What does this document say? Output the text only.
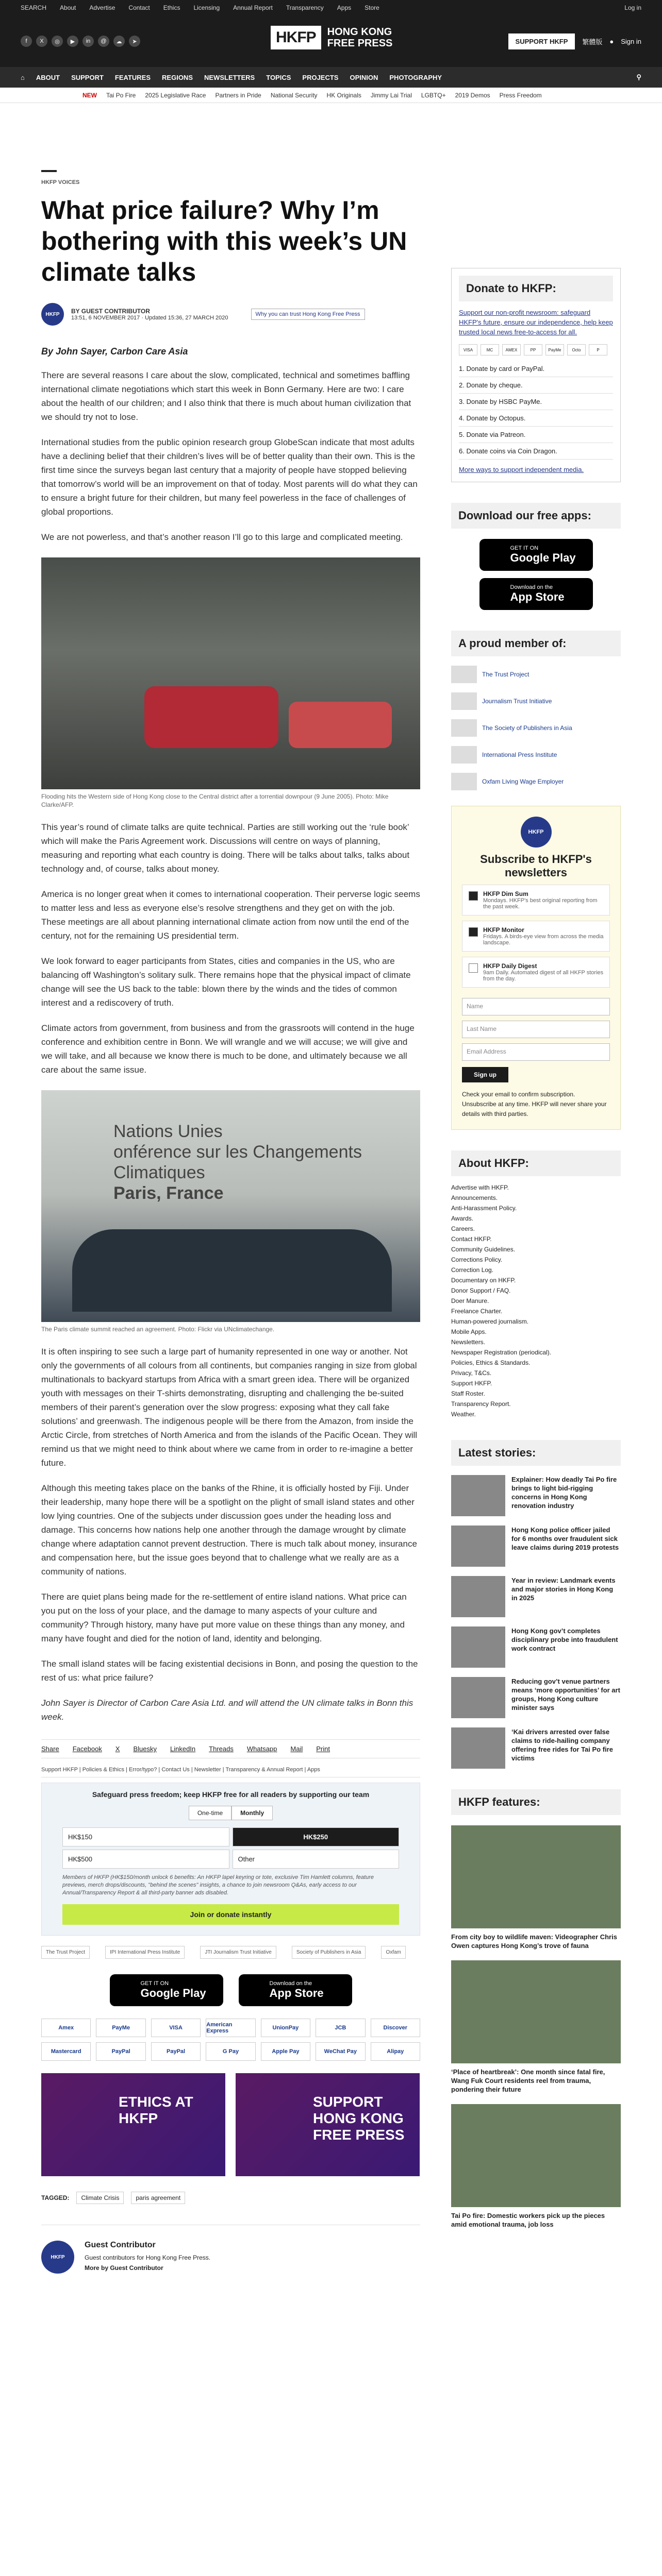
SEARCH About Advertise Contact Ethics Licensing Annual Report Transparency Apps Store	Log in
f	X	◎	▶	in	@	☁	➤	HKFP	HONG KONG
FREE PRESS	SUPPORT HKFP	繁體版 ● Sign in
⌂ ABOUT SUPPORT FEATURES REGIONS NEWSLETTERS TOPICS PROJECTS OPINION PHOTOGRAPHY	⚲
NEW Tai Po Fire 2025 Legislative Race Partners in Pride National Security HK Originals Jimmy Lai Trial LGBTQ+ 2019 Demos Press Freedom
HKFP VOICES
What price failure? Why I’m bothering with this week’s UN climate talks
HKFP	BY GUEST CONTRIBUTOR
13:51, 6 NOVEMBER 2017 · Updated 15:36, 27 MARCH 2020
Why you can trust Hong Kong Free Press
By John Sayer, Carbon Care Asia

There are several reasons I care about the slow, complicated, technical and sometimes baffling international climate negotiations which start this week in Bonn Germany. Here are two: I care about the health of our children; and I also think that there is much about human civilization that we should try not to lose.

International studies from the public opinion research group GlobeScan indicate that most adults have a declining belief that their children’s lives will be of better quality than their own. This is the first time since the surveys began last century that a majority of people have stopped believing that tomorrow’s world will be an improvement on that of today. Most parents will do what they can to ensure a bright future for their children, but many feel powerless in the face of challenges of global proportions.

We are not powerless, and that’s another reason I’ll go to this large and complicated meeting.

Flooding hits the Western side of Hong Kong close to the Central district after a torrential downpour (9 June 2005). Photo: Mike Clarke/AFP.

This year’s round of climate talks are quite technical. Parties are still working out the ‘rule book’ which will make the Paris Agreement work. Discussions will centre on ways of planning, measuring and reporting what each country is doing. There will be talks about talks, talks about technology and, of course, talks about money.

America is no longer great when it comes to international cooperation. Their perverse logic seems to matter less and less as everyone else’s resolve strengthens and they get on with the job. These meetings are all about planning international climate action from now until the end of the century, not for the remaining US presidential term.

We look forward to eager participants from States, cities and companies in the US, who are balancing off Washington’s solitary sulk. There remains hope that the physical impact of climate change will see the US back to the table: blown there by the winds and the tides of common interest and a rediscovery of truth.

Climate actors from government, from business and from the grassroots will contend in the huge conference and exhibition centre in Bonn. We will wrangle and we will accuse; we will give and we will take, and all because we know there is much to be done, and ultimately because we all care about the same issue.

Nations Unies
onférence sur les Changements Climatiques
Paris, France
The Paris climate summit reached an agreement. Photo: Flickr via UNclimatechange.

It is often inspiring to see such a large part of humanity represented in one way or another. Not only the governments of all colours from all continents, but companies ranging in size from global multinationals to backyard startups from Africa with a smart green idea. There will be organized youth with messages on their T-shirts demonstrating, disrupting and challenging the be-suited members of their parent’s generation over the slow progress: exposing what they call fake solutions’ and greenwash. The indigenous people will be there from the Amazon, from inside the Arctic Circle, from stretches of North America and from the islands of the Pacific Ocean. They will remind us that we might need to think about where we came from in order to re-imagine a better future.

Although this meeting takes place on the banks of the Rhine, it is officially hosted by Fiji. Under their leadership, many hope there will be a spotlight on the plight of small island states and other low lying countries. One of the subjects under discussion goes under the heading loss and damage. This concerns how nations help one another through the damage wrought by climate change where adaptation cannot prevent destruction. There is much talk about money, insurance and compensation here, but the issue goes beyond that to challenge what we really are as a community of nations.

There are quiet plans being made for the re-settlement of entire island nations. What price can you put on the loss of your place, and the damage to many aspects of your culture and community? Through history, many have put more value on these things than any money, and many have fought and died for the notion of land, identity and belonging.

The small island states will be facing existential decisions in Bonn, and posing the question to the rest of us: what price failure?

John Sayer is Director of Carbon Care Asia Ltd. and will attend the UN climate talks in Bonn this week.

Share Facebook X Bluesky LinkedIn Threads Whatsapp Mail Print
Support HKFP | Policies & Ethics | Error/typo? | Contact Us | Newsletter | Transparency & Annual Report | Apps
Safeguard press freedom; keep HKFP free for all readers by supporting our team
One-time	Monthly
HK$150	HK$250
HK$500	Other
Members of HKFP (HK$150/month unlock 6 benefits: An HKFP lapel keyring or tote, exclusive Tim Hamlett columns, feature previews, merch drops/discounts, "behind the scenes" insights, a chance to join newsroom Q&As, early access to our Annual/Transparency Report & all third-party banner ads disabled.
Join or donate instantly
The Trust Project	IPI International Press Institute	JTI Journalism Trust Initiative	Society of Publishers in Asia	Oxfam
GET IT ON
Google Play
Download on the
App Store
Amex	PayMe	VISA	American Express	UnionPay	JCB	Discover
Mastercard	PayPal	PayPal	G Pay	Apple Pay	WeChat Pay	Alipay
ETHICS AT HKFP
SUPPORT HONG KONG FREE PRESS
TAGGED:	Climate Crisis	paris agreement
HKFP
Guest Contributor

Guest contributors for Hong Kong Free Press.

More by Guest Contributor
Donate to HKFP:

Support our non-profit newsroom: safeguard HKFP's future, ensure our independence, help keep trusted local news free-to-access for all.

VISA	MC	AMEX	PP	PayMe	Octo	P
1. Donate by card or PayPal.
2. Donate by cheque.
3. Donate by HSBC PayMe.
4. Donate by Octopus.
5. Donate via Patreon.
6. Donate coins via Coin Dragon.

More ways to support independent media.

Download our free apps:
GET IT ON
Google Play
Download on the
App Store
A proud member of:
The Trust Project
Journalism Trust Initiative
The Society of Publishers in Asia
International Press Institute
Oxfam Living Wage Employer
HKFP
Subscribe to HKFP's newsletters
HKFP Dim Sum
Mondays. HKFP's best original reporting from the past week.
HKFP Monitor
Fridays. A birds-eye view from across the media landscape.
HKFP Daily Digest
9am Daily. Automated digest of all HKFP stories from the day.
Name
Last Name
Email Address
Sign up

Check your email to confirm subscription. Unsubscribe at any time. HKFP will never share your details with third parties.

About HKFP:
Advertise with HKFP.
Announcements.
Anti-Harassment Policy.
Awards.
Careers.
Contact HKFP.
Community Guidelines.
Corrections Policy.
Correction Log.
Documentary on HKFP.
Donor Support / FAQ.
Doer Manure.
Freelance Charter.
Human-powered journalism.
Mobile Apps.
Newsletters.
Newspaper Registration (periodical).
Policies, Ethics & Standards.
Privacy, T&Cs.
Support HKFP.
Staff Roster.
Transparency Report.
Weather.
Latest stories:
Explainer: How deadly Tai Po fire brings to light bid-rigging concerns in Hong Kong renovation industry
Hong Kong police officer jailed for 6 months over fraudulent sick leave claims during 2019 protests
Year in review: Landmark events and major stories in Hong Kong in 2025
Hong Kong gov’t completes disciplinary probe into fraudulent work contract
Reducing gov’t venue partners means ‘more opportunities’ for art groups, Hong Kong culture minister says
‘Kai drivers arrested over false claims to ride-hailing company offering free rides for Tai Po fire victims
HKFP features:
From city boy to wildlife maven: Videographer Chris Owen captures Hong Kong’s trove of fauna
‘Place of heartbreak’: One month since fatal fire, Wang Fuk Court residents reel from trauma, pondering their future
Tai Po fire: Domestic workers pick up the pieces amid emotional trauma, job loss
